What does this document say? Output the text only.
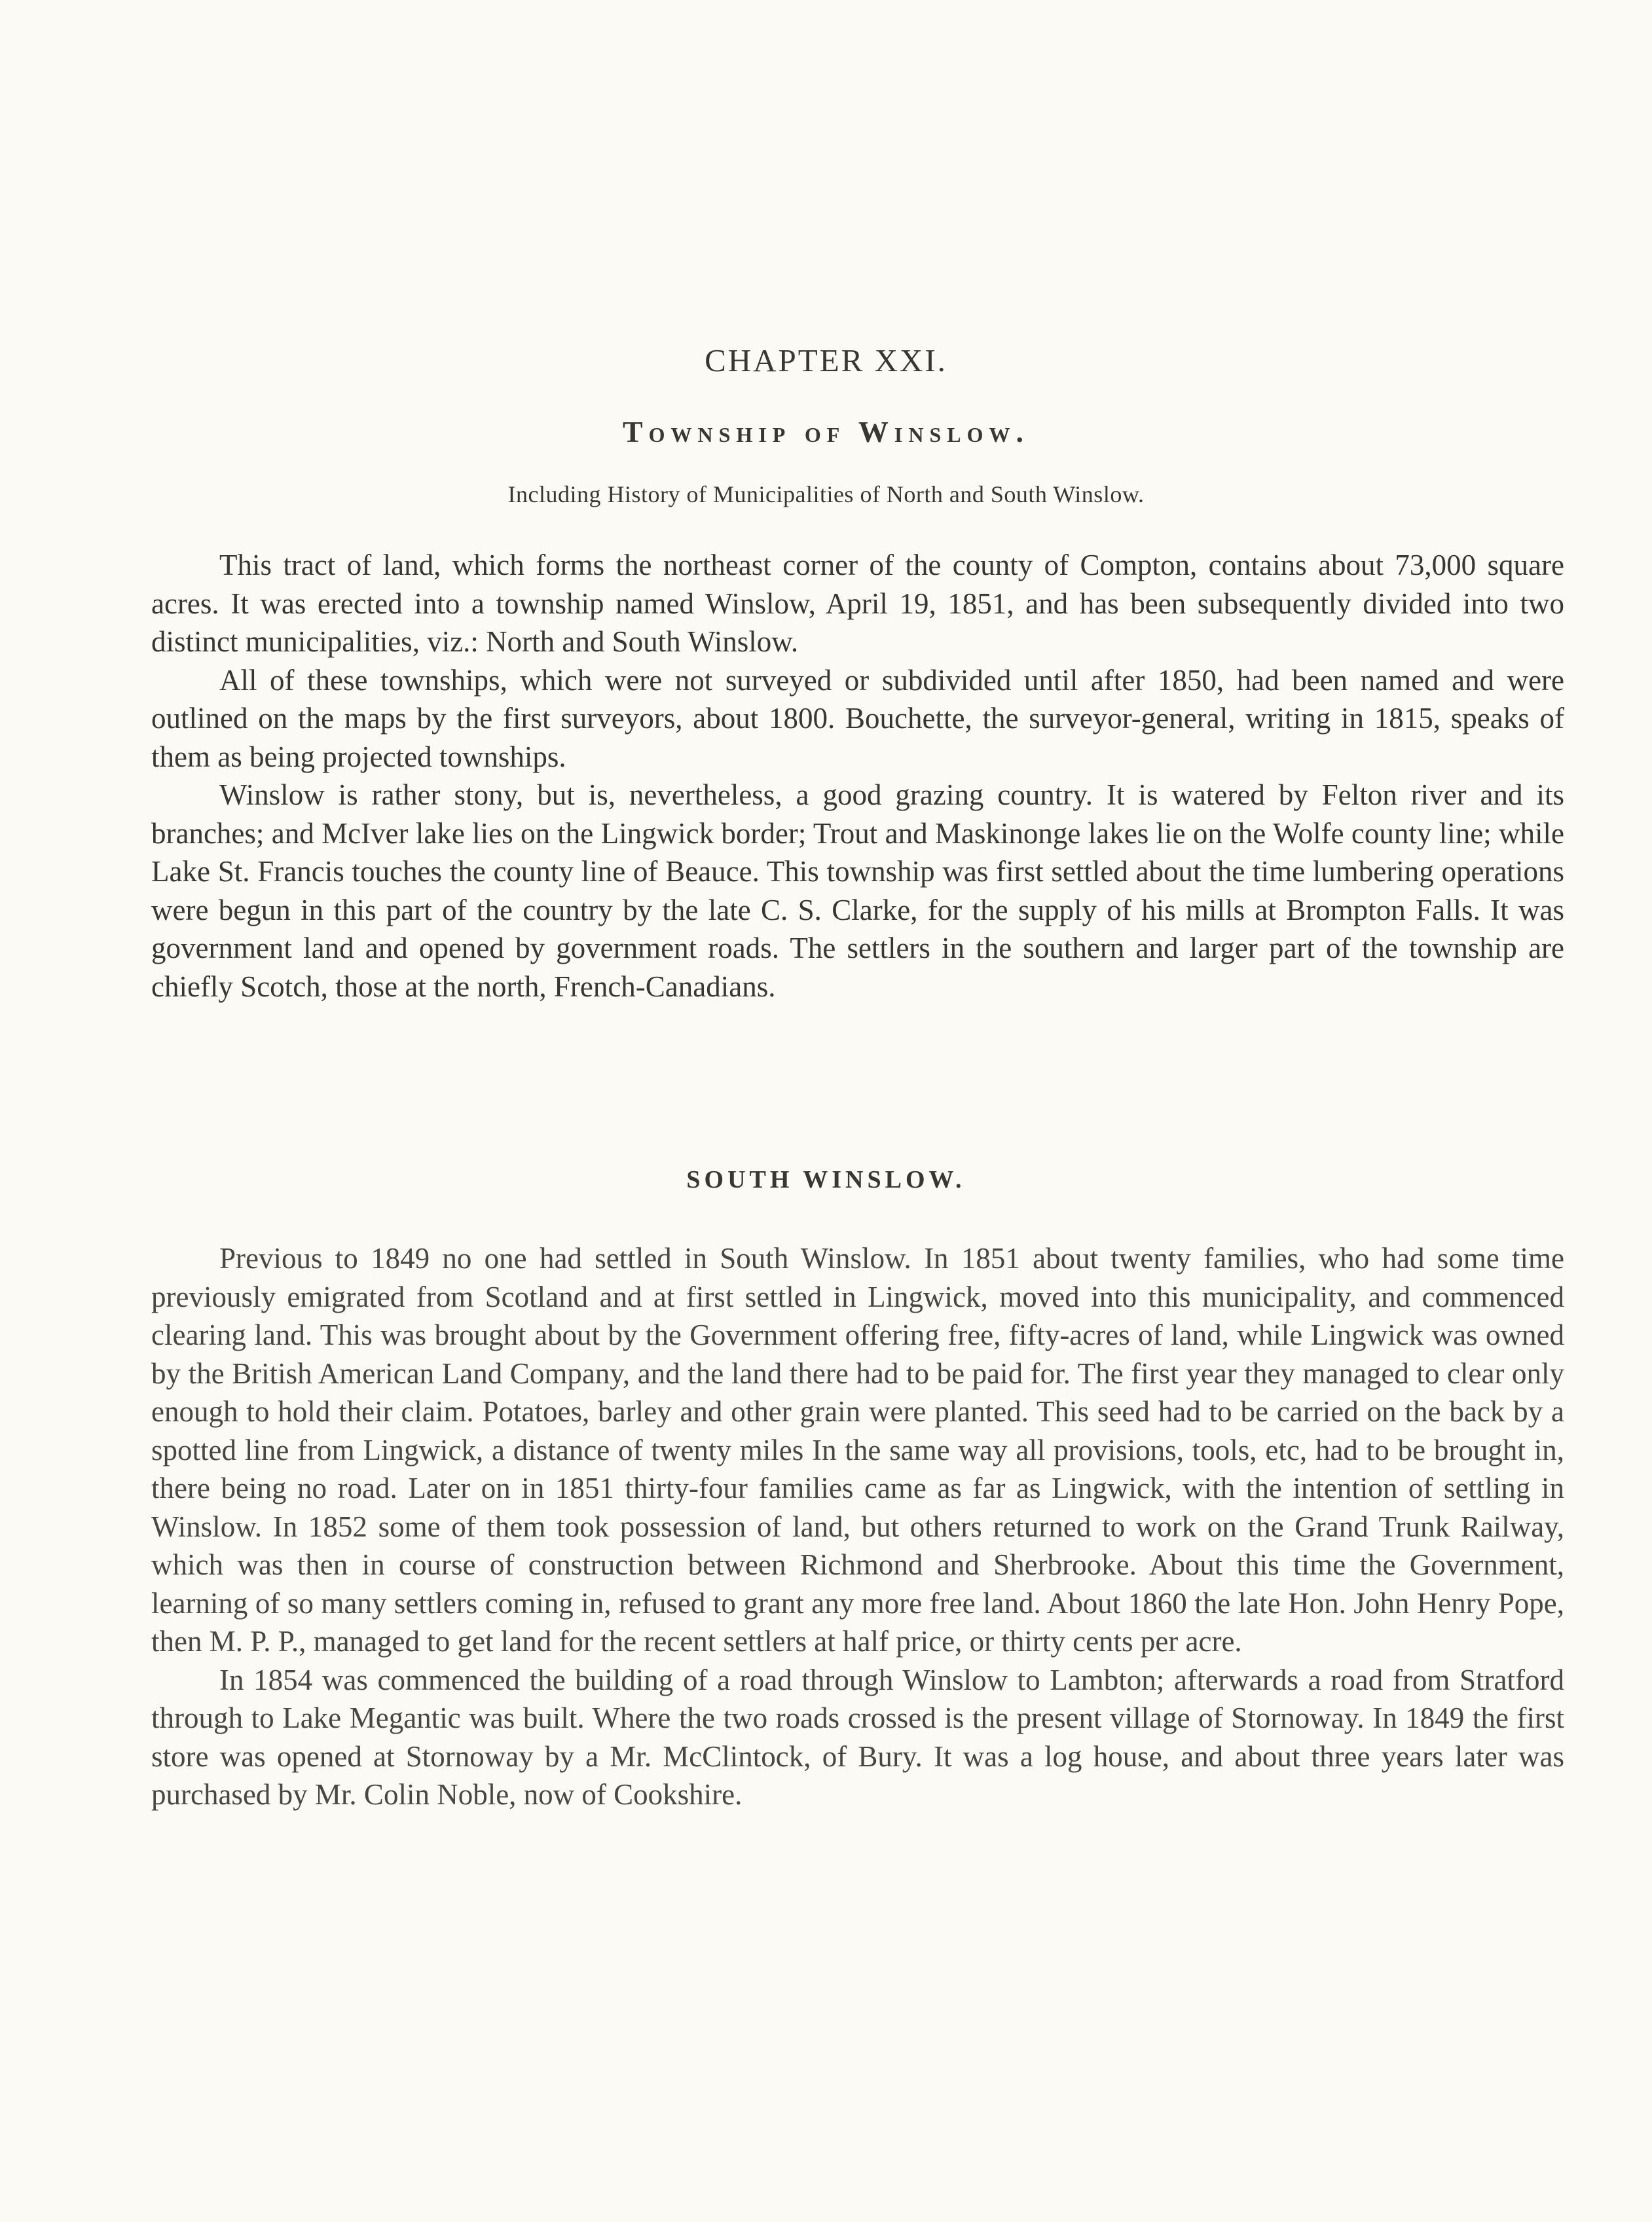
CHAPTER XXI.
Township of Winslow.
Including History of Municipalities of North and South Winslow.

This tract of land, which forms the northeast corner of the county of Compton, contains about 73,000 square acres. It was erected into a township named Winslow, April 19, 1851, and has been subsequently divided into two distinct municipalities, viz.: North and South Winslow.

All of these townships, which were not surveyed or subdivided until after 1850, had been named and were outlined on the maps by the first surveyors, about 1800. Bouchette, the surveyor-general, writing in 1815, speaks of them as being projected townships.

Winslow is rather stony, but is, nevertheless, a good grazing country. It is watered by Felton river and its branches; and McIver lake lies on the Lingwick border; Trout and Maskinonge lakes lie on the Wolfe county line; while Lake St. Francis touches the county line of Beauce. This township was first settled about the time lumbering operations were begun in this part of the country by the late C. S. Clarke, for the supply of his mills at Brompton Falls. It was government land and opened by government roads. The settlers in the southern and larger part of the township are chiefly Scotch, those at the north, French-Canadians.

SOUTH WINSLOW.

Previous to 1849 no one had settled in South Winslow. In 1851 about twenty families, who had some time previously emigrated from Scotland and at first settled in Lingwick, moved into this municipality, and commenced clearing land. This was brought about by the Government offering free, fifty-acres of land, while Lingwick was owned by the British American Land Company, and the land there had to be paid for. The first year they managed to clear only enough to hold their claim. Potatoes, barley and other grain were planted. This seed had to be carried on the back by a spotted line from Lingwick, a distance of twenty miles In the same way all provisions, tools, etc, had to be brought in, there being no road. Later on in 1851 thirty-four families came as far as Lingwick, with the intention of settling in Winslow. In 1852 some of them took possession of land, but others returned to work on the Grand Trunk Railway, which was then in course of construction between Richmond and Sherbrooke. About this time the Government, learning of so many settlers coming in, refused to grant any more free land. About 1860 the late Hon. John Henry Pope, then M. P. P., managed to get land for the recent settlers at half price, or thirty cents per acre.

In 1854 was commenced the building of a road through Winslow to Lambton; afterwards a road from Stratford through to Lake Megantic was built. Where the two roads crossed is the present village of Stornoway. In 1849 the first store was opened at Stornoway by a Mr. McClintock, of Bury. It was a log house, and about three years later was purchased by Mr. Colin Noble, now of Cookshire.
